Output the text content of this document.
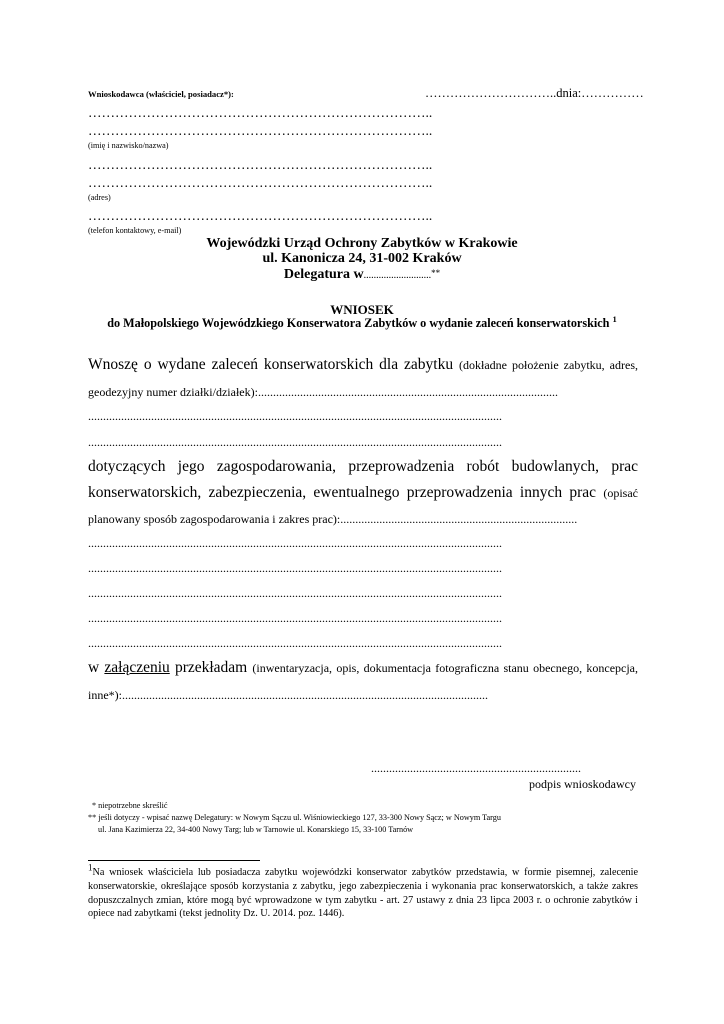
Wnioskodawca (właściciel, posiadacz*):	…………………………..dnia:……………
…………………………………………………………………..
…………………………………………………………………..
(imię i nazwisko/nazwa)
…………………………………………………………………..
…………………………………………………………………..
(adres)
…………………………………………………………………..
(telefon kontaktowy, e-mail)
Wojewódzki Urząd Ochrony Zabytków w Krakowie
ul. Kanonicza 24, 31-002 Kraków
Delegatura w...........................**
WNIOSEK
do Małopolskiego Wojewódzkiego Konserwatora Zabytków o wydanie zaleceń konserwatorskich $^1$
Wnoszę o wydane zaleceń konserwatorskich dla zabytku (dokładne położenie zabytku, adres,
geodezyjny numer działki/działek):....................................................................................................
..........................................................................................................................................
..........................................................................................................................................
dotyczących jego zagospodarowania, przeprowadzenia robót budowlanych, prac
konserwatorskich, zabezpieczenia, ewentualnego przeprowadzenia innych prac (opisać
planowany sposób zagospodarowania i zakres prac):...............................................................................
..........................................................................................................................................
..........................................................................................................................................
..........................................................................................................................................
..........................................................................................................................................
..........................................................................................................................................
w załączeniu przekładam (inwentaryzacja, opis, dokumentacja fotograficzna stanu obecnego, koncepcja,
inne*):..........................................................................................................................
......................................................................
podpis wnioskodawcy
* niepotrzebne skreślić
** jeśli dotyczy - wpisać nazwę Delegatury: w Nowym Sączu ul. Wiśniowieckiego 127, 33-300 Nowy Sącz; w Nowym Targu
ul. Jana Kazimierza 22, 34-400 Nowy Targ; lub w Tarnowie ul. Konarskiego 15, 33-100 Tarnów
$^1$Na wniosek właściciela lub posiadacza zabytku wojewódzki konserwator zabytków przedstawia, w formie pisemnej, zalecenie konserwatorskie, określające sposób korzystania z zabytku, jego zabezpieczenia i wykonania prac konserwatorskich, a także zakres dopuszczalnych zmian, które mogą być wprowadzone w tym zabytku - art. 27 ustawy z dnia 23 lipca 2003 r. o ochronie zabytków i opiece nad zabytkami (tekst jednolity Dz. U. 2014. poz. 1446).
